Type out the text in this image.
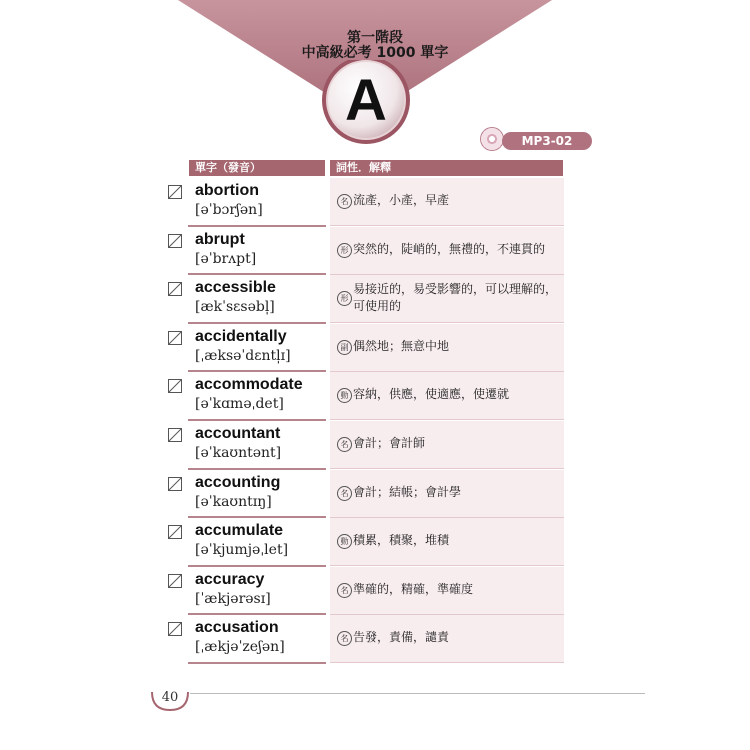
第一階段
中高級必考 1000 單字
A
MP3-02
單字（發音）	詞性．解釋
abortion
[əˈbɔrʃən]
名 流產，小產，早產
abrupt
[əˈbrʌpt]
形 突然的，陡峭的，無禮的，不連貫的
accessible
[ækˈsɛsəbl̩]
形
易接近的，易受影響的，可以理解的，可使用的
accidentally
[ˌæksəˈdɛntl̩ɪ]
副 偶然地；無意中地
accommodate
[əˈkɑməˌdet]
動 容納，供應，使適應，使遷就
accountant
[əˈkaʊntənt]
名 會計；會計師
accounting
[əˈkaʊntɪŋ]
名 會計；結帳；會計學
accumulate
[əˈkjumjəˌlet]
動 積累，積聚，堆積
accuracy
[ˈækjərəsɪ]
名 準確的，精確，準確度
accusation
[ˌækjəˈzeʃən]
名 告發，責備，譴責
40
